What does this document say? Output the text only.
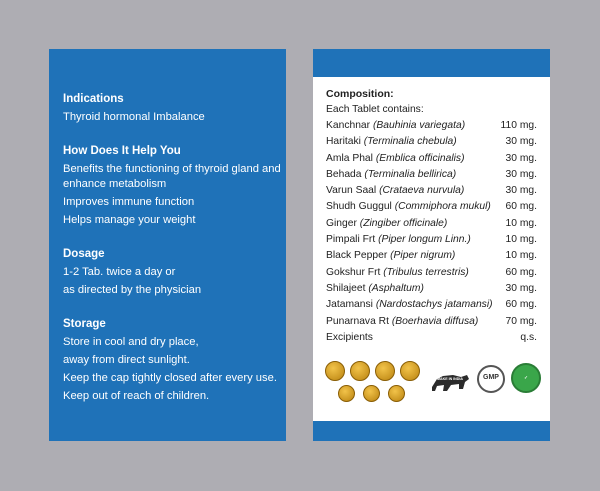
Indications
Thyroid hormonal Imbalance
How Does It Help You
Benefits the functioning of thyroid gland and
enhance metabolism
Improves immune function
Helps manage your weight
Dosage
1-2 Tab. twice a day or
as directed by the physician
Storage
Store in cool and dry place,
away from direct sunlight.
Keep the cap tightly closed after every use.
Keep out of reach of children.
Composition:
Each Tablet contains:
Kanchnar (Bauhinia variegata)	110 mg.
Haritaki (Terminalia chebula)	30 mg.
Amla Phal (Emblica officinalis)	30 mg.
Behada (Terminalia bellirica)	30 mg.
Varun Saal (Crataeva nurvula)	30 mg.
Shudh Guggul (Commiphora mukul) 60 mg.
Ginger (Zingiber officinale)	10 mg.
Pimpali Frt (Piper longum Linn.)	10 mg.
Black Pepper (Piper nigrum)	10 mg.
Gokshur Frt (Tribulus terrestris)	60 mg.
Shilajeet (Asphaltum)	30 mg.
Jatamansi (Nardostachys jatamansi) 60 mg.
Punarnava Rt (Boerhavia diffusa)	70 mg.
Excipients	q.s.
MAKE IN INDIA	GMP	✓
